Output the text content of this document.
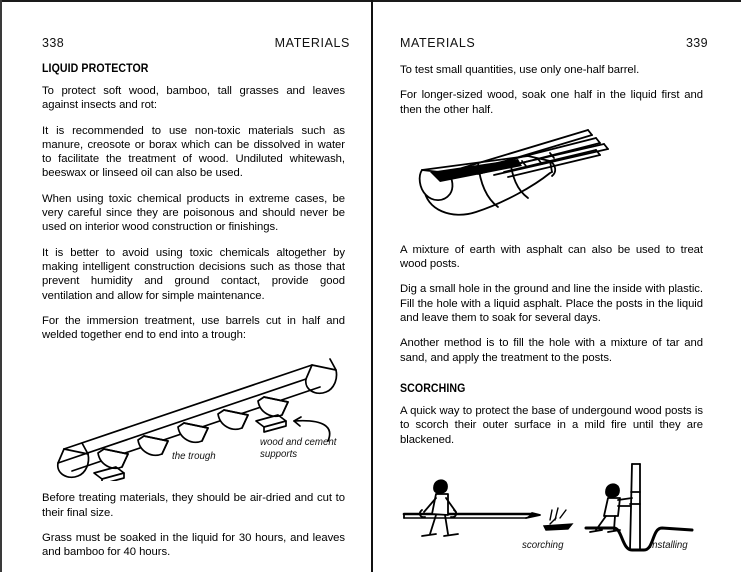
338	MATERIALS
LIQUID PROTECTOR

To protect soft wood, bamboo, tall grasses and leaves against insects and rot:

It is recommended to use non-toxic materials such as manure, creosote or borax which can be dissolved in water to facilitate the treatment of wood. Undiluted whitewash, beeswax or linseed oil can also be used.

When using toxic chemical products in extreme cases, be very careful since they are poisonous and should never be used on interior wood construction or finishings.

It is better to avoid using toxic chemicals altogether by making intelligent construction decisions such as those that prevent humidity and ground contact, provide good ventilation and allow for simple maintenance.

For the immersion treatment, use barrels cut in half and welded together end to end into a trough:

the trough
wood and cement
supports

Before treating materials, they should be air-dried and cut to their final size.

Grass must be soaked in the liquid for 30 hours, and leaves and bamboo for 40 hours.

MATERIALS	339

To test small quantities, use only one-half barrel.

For longer-sized wood, soak one half in the liquid first and then the other half.

A mixture of earth with asphalt can also be used to treat wood posts.

Dig a small hole in the ground and line the inside with plastic. Fill the hole with a liquid asphalt. Place the posts in the liquid and leave them to soak for several days.

Another method is to fill the hole with a mixture of tar and sand, and apply the treatment to the posts.

SCORCHING

A quick way to protect the base of undergound wood posts is to scorch their outer surface in a mild fire until they are blackened.

scorching	installing
